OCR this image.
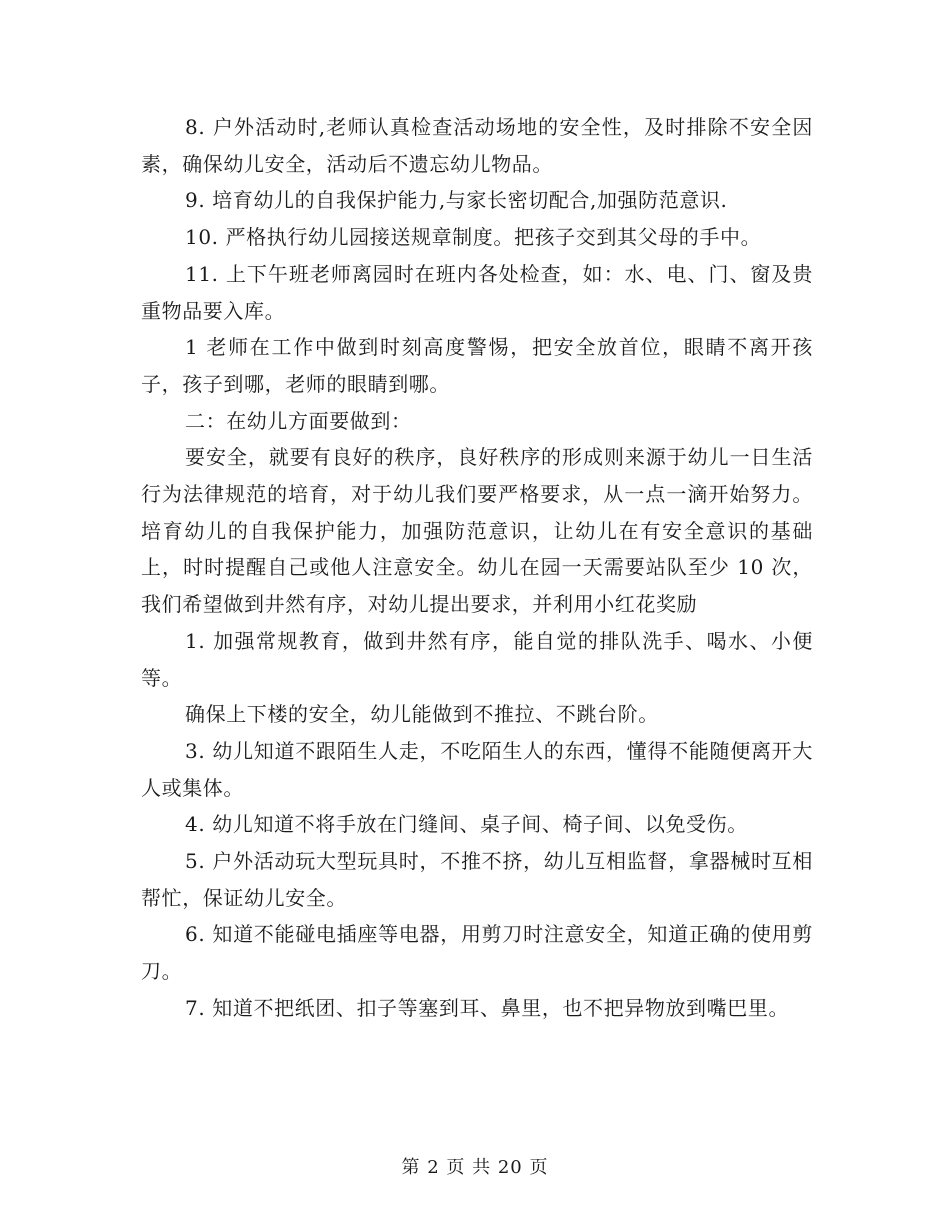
8. 户外活动时,老师认真检查活动场地的安全性，及时排除不安全因素，确保幼儿安全，活动后不遗忘幼儿物品。

9. 培育幼儿的自我保护能力,与家长密切配合,加强防范意识.

10. 严格执行幼儿园接送规章制度。把孩子交到其父母的手中。

11. 上下午班老师离园时在班内各处检查，如：水、电、门、窗及贵重物品要入库。

1 老师在工作中做到时刻高度警惕，把安全放首位，眼睛不离开孩子，孩子到哪，老师的眼睛到哪。

二：在幼儿方面要做到：

要安全，就要有良好的秩序，良好秩序的形成则来源于幼儿一日生活行为法律规范的培育，对于幼儿我们要严格要求，从一点一滴开始努力。培育幼儿的自我保护能力，加强防范意识，让幼儿在有安全意识的基础上，时时提醒自己或他人注意安全。幼儿在园一天需要站队至少 10 次，我们希望做到井然有序，对幼儿提出要求，并利用小红花奖励

1. 加强常规教育，做到井然有序，能自觉的排队洗手、喝水、小便等。

确保上下楼的安全，幼儿能做到不推拉、不跳台阶。

3. 幼儿知道不跟陌生人走，不吃陌生人的东西，懂得不能随便离开大人或集体。

4. 幼儿知道不将手放在门缝间、桌子间、椅子间、以免受伤。

5. 户外活动玩大型玩具时，不推不挤，幼儿互相监督，拿器械时互相帮忙，保证幼儿安全。

6. 知道不能碰电插座等电器，用剪刀时注意安全，知道正确的使用剪刀。

7. 知道不把纸团、扣子等塞到耳、鼻里，也不把异物放到嘴巴里。

第 2 页 共 20 页
